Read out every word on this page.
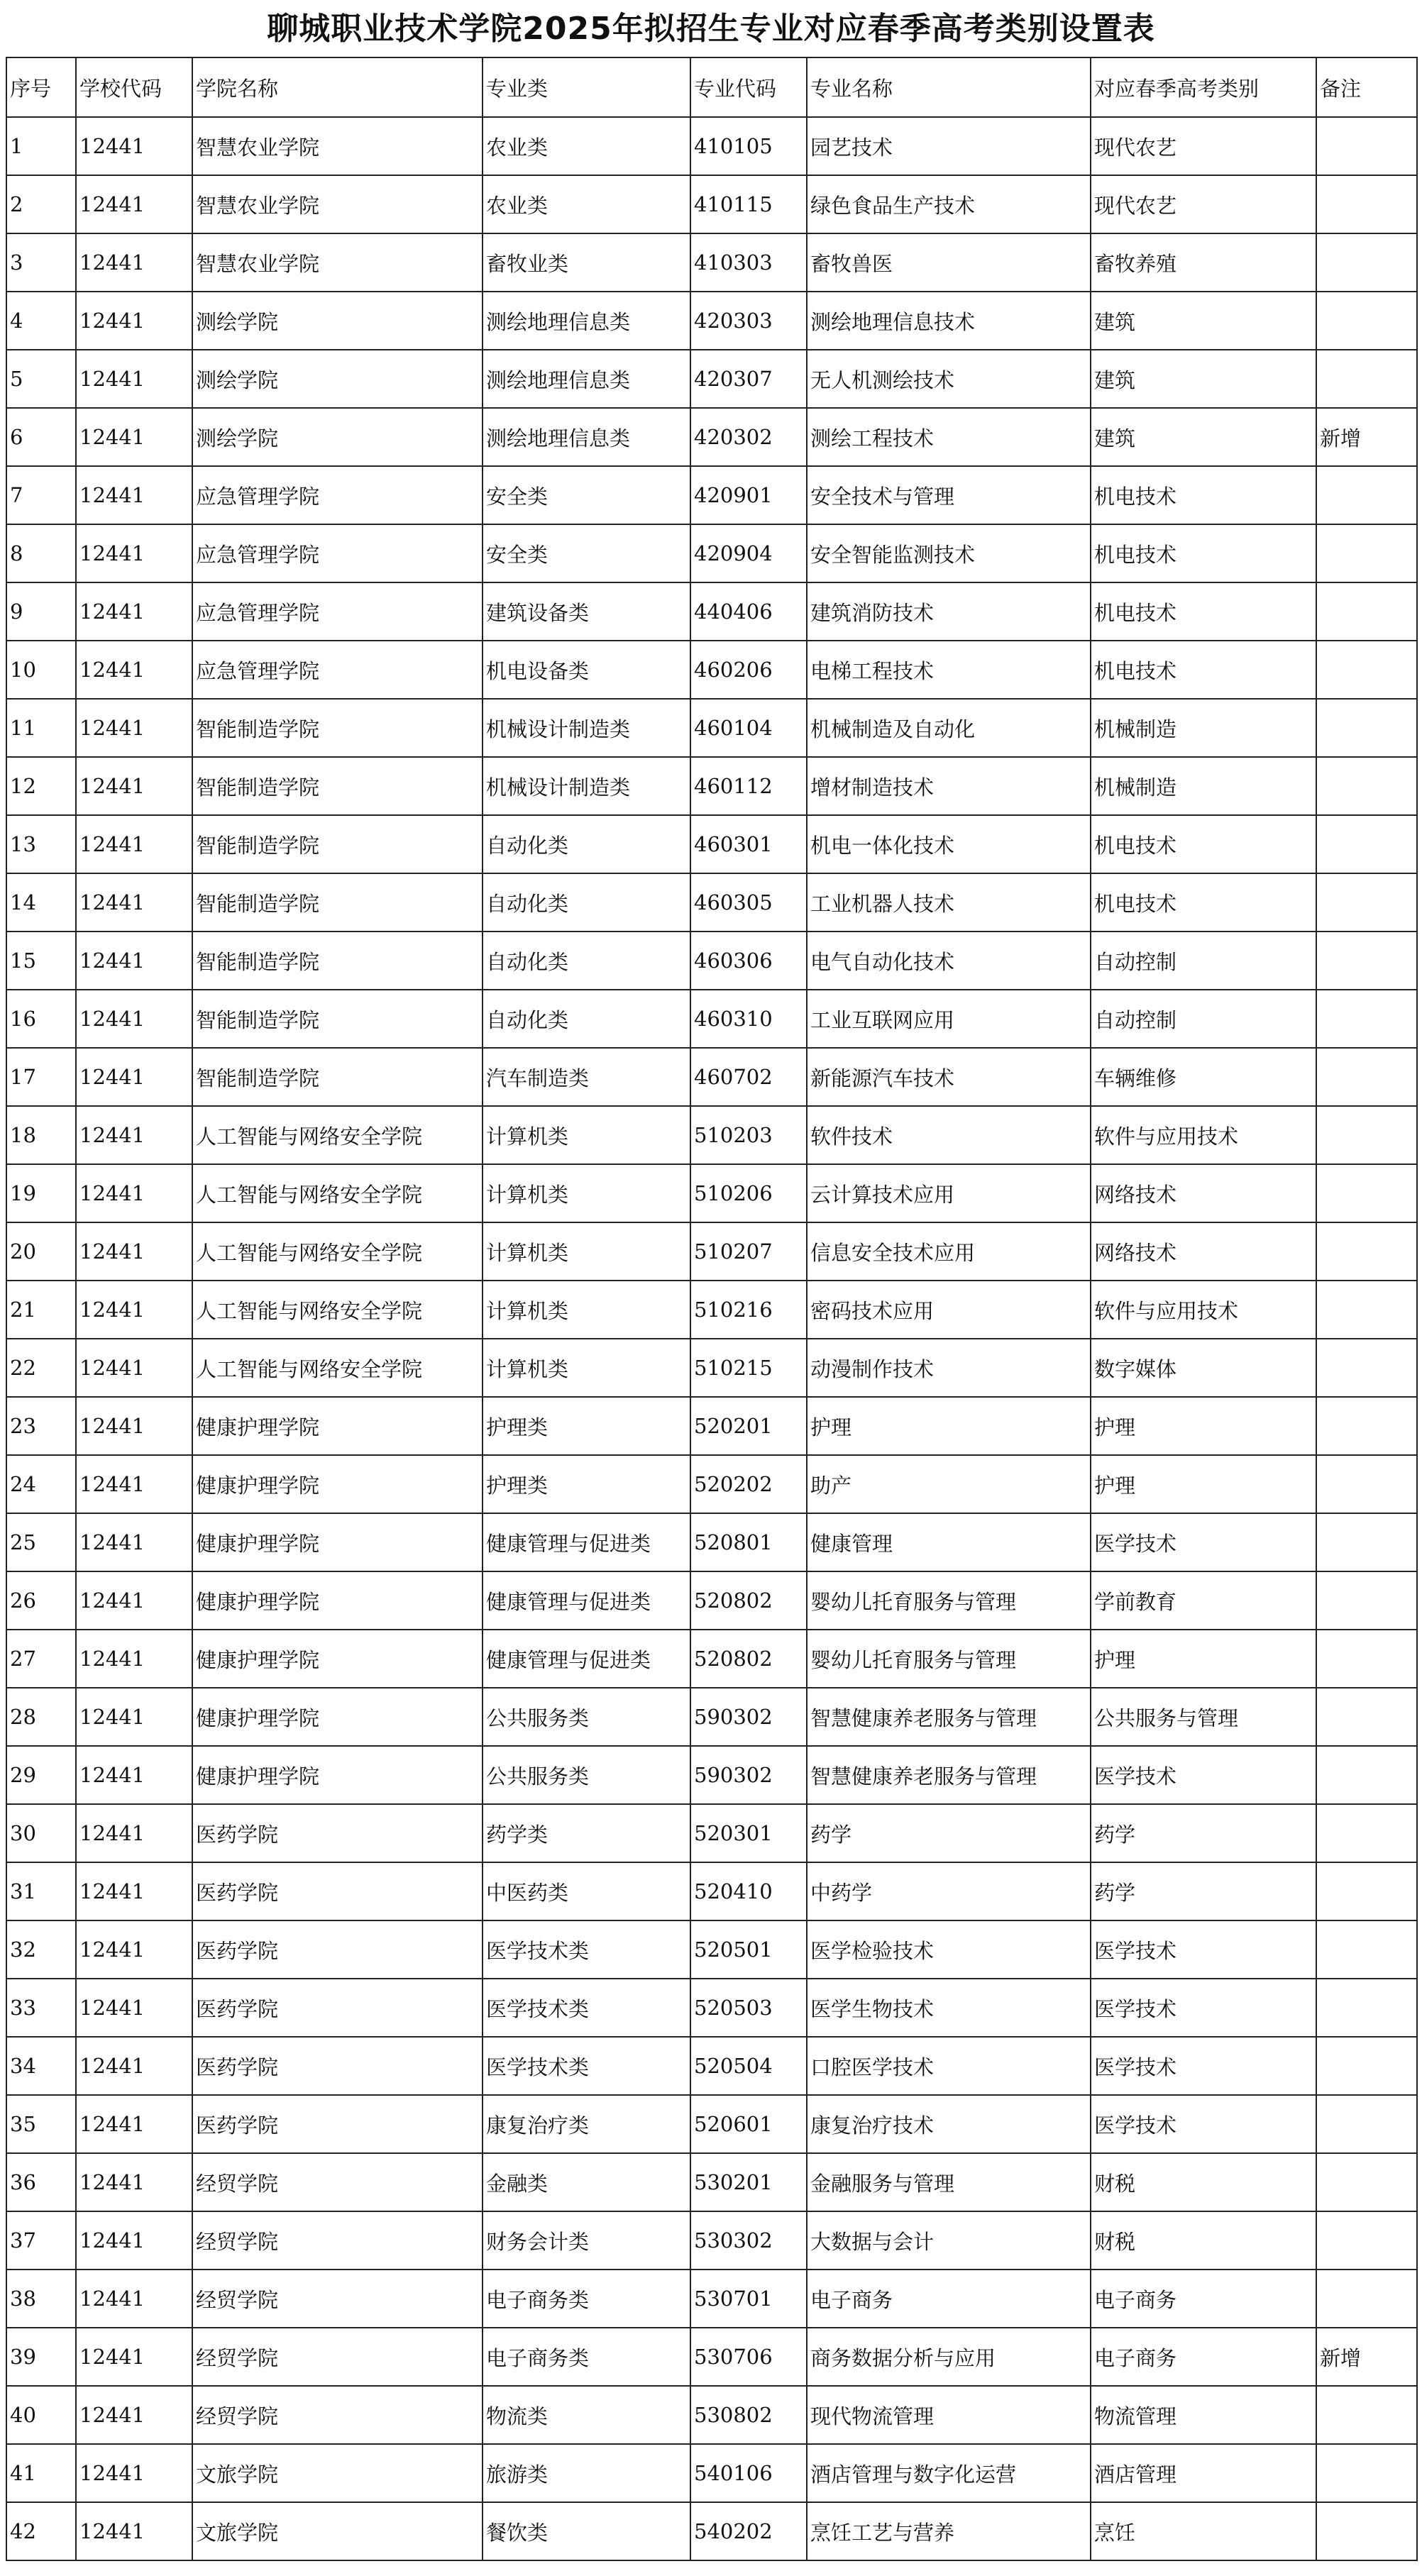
聊城职业技术学院2025年拟招生专业对应春季高考类别设置表
序号	学校代码	学院名称	专业类	专业代码	专业名称	对应春季高考类别	备注
1	12441	智慧农业学院	农业类	410105	园艺技术	现代农艺	
2	12441	智慧农业学院	农业类	410115	绿色食品生产技术	现代农艺	
3	12441	智慧农业学院	畜牧业类	410303	畜牧兽医	畜牧养殖	
4	12441	测绘学院	测绘地理信息类	420303	测绘地理信息技术	建筑	
5	12441	测绘学院	测绘地理信息类	420307	无人机测绘技术	建筑	
6	12441	测绘学院	测绘地理信息类	420302	测绘工程技术	建筑	新增
7	12441	应急管理学院	安全类	420901	安全技术与管理	机电技术	
8	12441	应急管理学院	安全类	420904	安全智能监测技术	机电技术	
9	12441	应急管理学院	建筑设备类	440406	建筑消防技术	机电技术	
10	12441	应急管理学院	机电设备类	460206	电梯工程技术	机电技术	
11	12441	智能制造学院	机械设计制造类	460104	机械制造及自动化	机械制造	
12	12441	智能制造学院	机械设计制造类	460112	增材制造技术	机械制造	
13	12441	智能制造学院	自动化类	460301	机电一体化技术	机电技术	
14	12441	智能制造学院	自动化类	460305	工业机器人技术	机电技术	
15	12441	智能制造学院	自动化类	460306	电气自动化技术	自动控制	
16	12441	智能制造学院	自动化类	460310	工业互联网应用	自动控制	
17	12441	智能制造学院	汽车制造类	460702	新能源汽车技术	车辆维修	
18	12441	人工智能与网络安全学院	计算机类	510203	软件技术	软件与应用技术	
19	12441	人工智能与网络安全学院	计算机类	510206	云计算技术应用	网络技术	
20	12441	人工智能与网络安全学院	计算机类	510207	信息安全技术应用	网络技术	
21	12441	人工智能与网络安全学院	计算机类	510216	密码技术应用	软件与应用技术	
22	12441	人工智能与网络安全学院	计算机类	510215	动漫制作技术	数字媒体	
23	12441	健康护理学院	护理类	520201	护理	护理	
24	12441	健康护理学院	护理类	520202	助产	护理	
25	12441	健康护理学院	健康管理与促进类	520801	健康管理	医学技术	
26	12441	健康护理学院	健康管理与促进类	520802	婴幼儿托育服务与管理	学前教育	
27	12441	健康护理学院	健康管理与促进类	520802	婴幼儿托育服务与管理	护理	
28	12441	健康护理学院	公共服务类	590302	智慧健康养老服务与管理	公共服务与管理	
29	12441	健康护理学院	公共服务类	590302	智慧健康养老服务与管理	医学技术	
30	12441	医药学院	药学类	520301	药学	药学	
31	12441	医药学院	中医药类	520410	中药学	药学	
32	12441	医药学院	医学技术类	520501	医学检验技术	医学技术	
33	12441	医药学院	医学技术类	520503	医学生物技术	医学技术	
34	12441	医药学院	医学技术类	520504	口腔医学技术	医学技术	
35	12441	医药学院	康复治疗类	520601	康复治疗技术	医学技术	
36	12441	经贸学院	金融类	530201	金融服务与管理	财税	
37	12441	经贸学院	财务会计类	530302	大数据与会计	财税	
38	12441	经贸学院	电子商务类	530701	电子商务	电子商务	
39	12441	经贸学院	电子商务类	530706	商务数据分析与应用	电子商务	新增
40	12441	经贸学院	物流类	530802	现代物流管理	物流管理	
41	12441	文旅学院	旅游类	540106	酒店管理与数字化运营	酒店管理	
42	12441	文旅学院	餐饮类	540202	烹饪工艺与营养	烹饪	
